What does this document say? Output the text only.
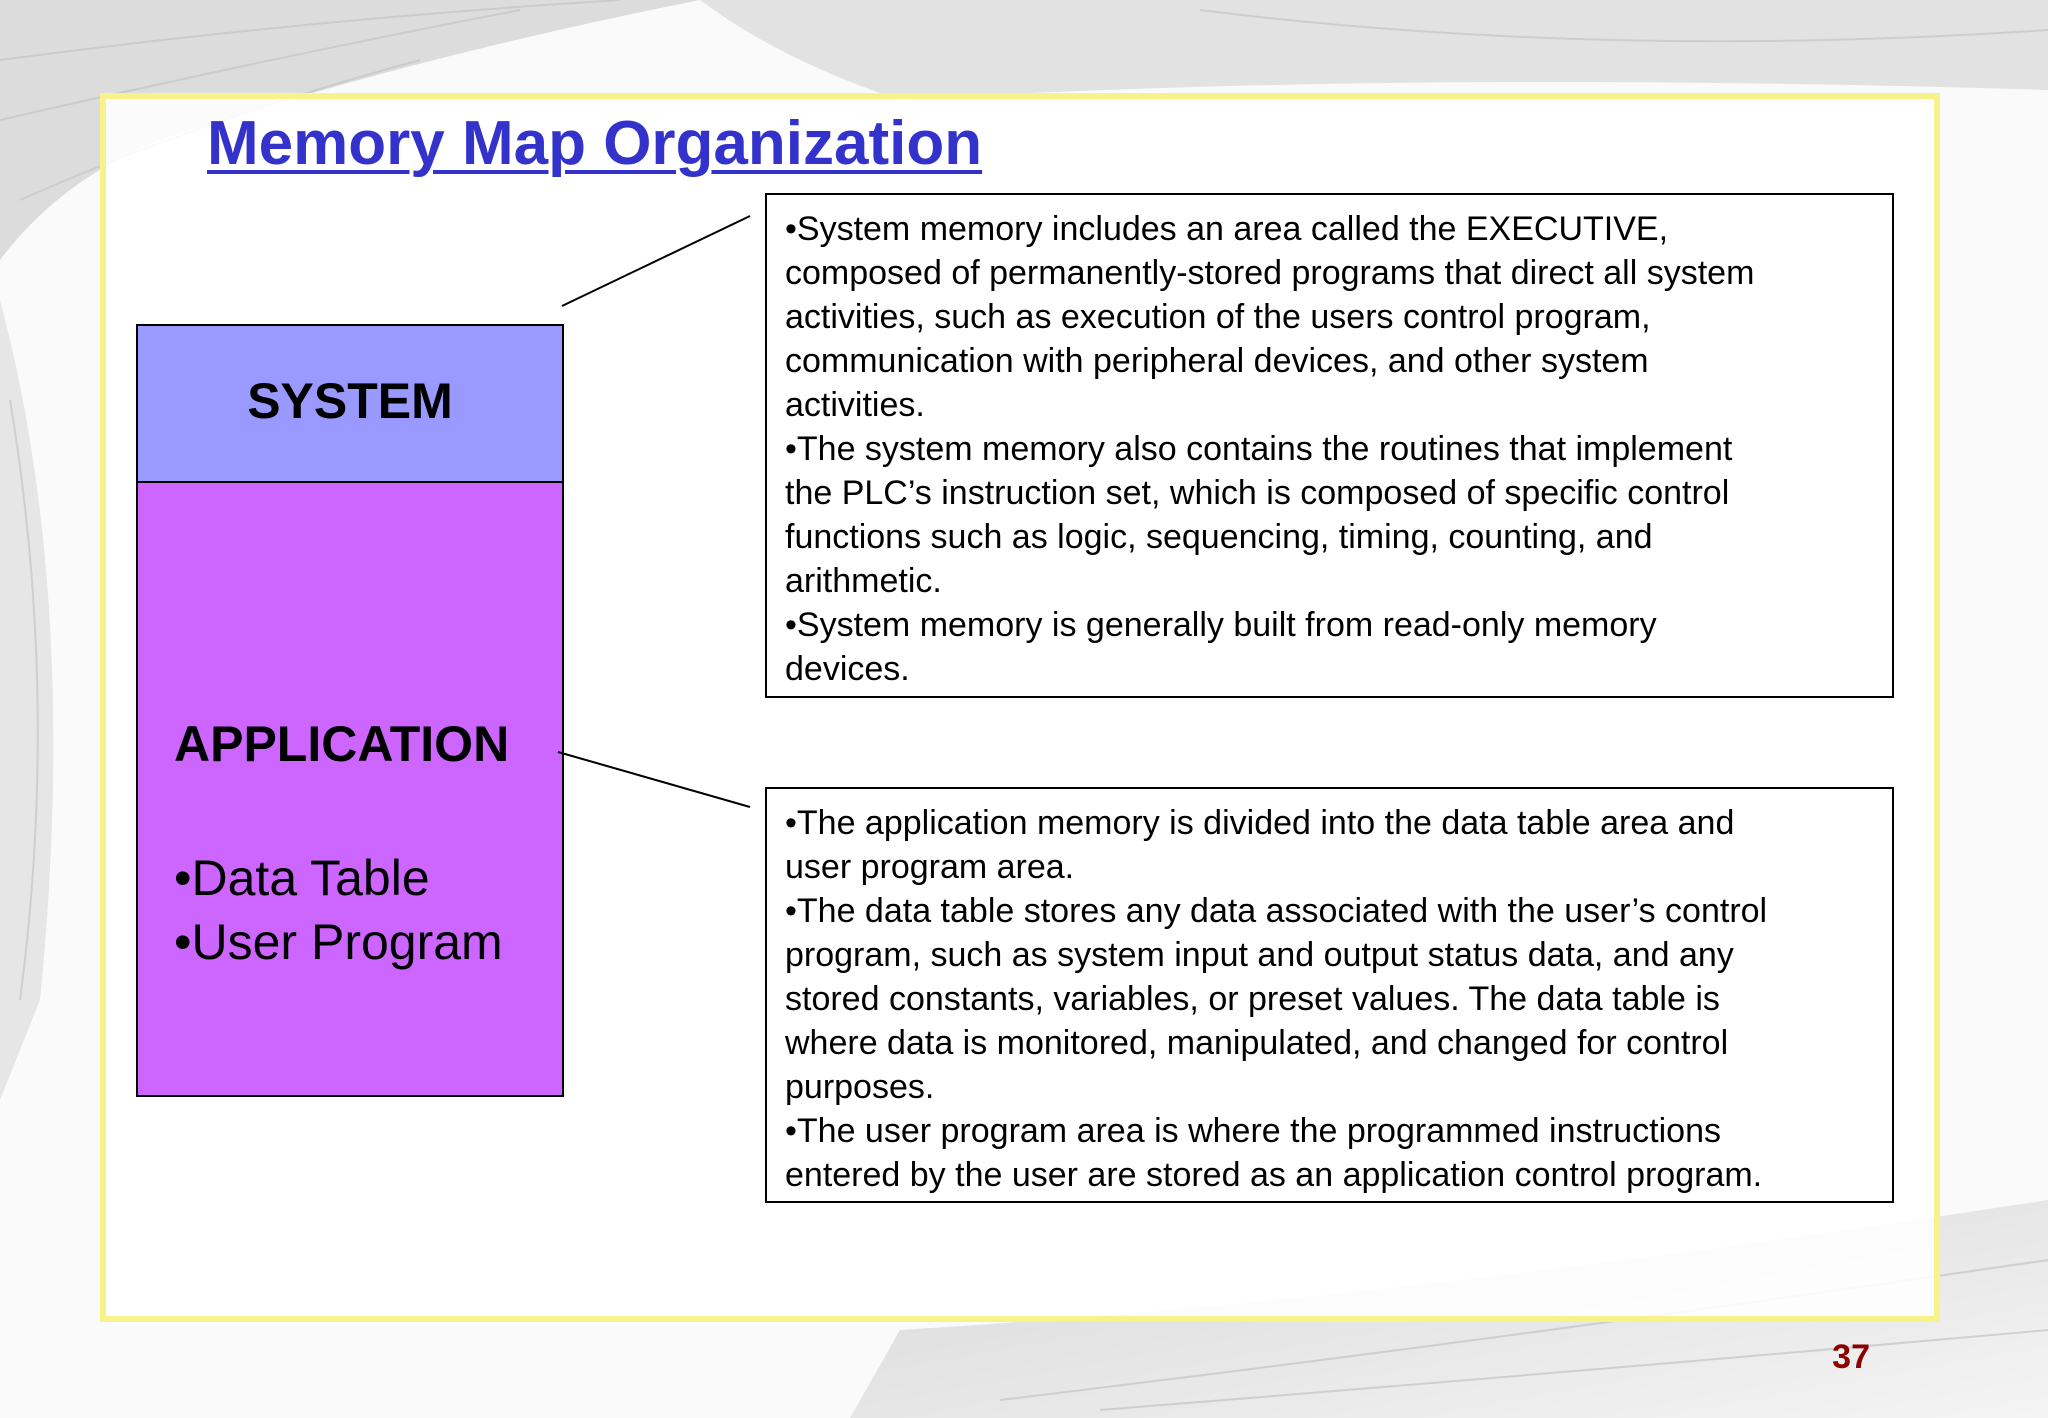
Memory Map Organization
SYSTEM
APPLICATION
•Data Table
•User Program

•System memory includes an area called the EXECUTIVE,

composed of permanently-stored programs that direct all system

activities, such as execution of the users control program,

communication with peripheral devices, and other system

activities.

•The system memory also contains the routines that implement

the PLC’s instruction set, which is composed of specific control

functions such as logic, sequencing, timing, counting, and

arithmetic.

•System memory is generally built from read-only memory

devices.

•The application memory is divided into the data table area and

user program area.

•The data table stores any data associated with the user’s control

program, such as system input and output status data, and any

stored constants, variables, or preset values. The data table is

where data is monitored, manipulated, and changed for control

purposes.

•The user program area is where the programmed instructions

entered by the user are stored as an application control program.

37
